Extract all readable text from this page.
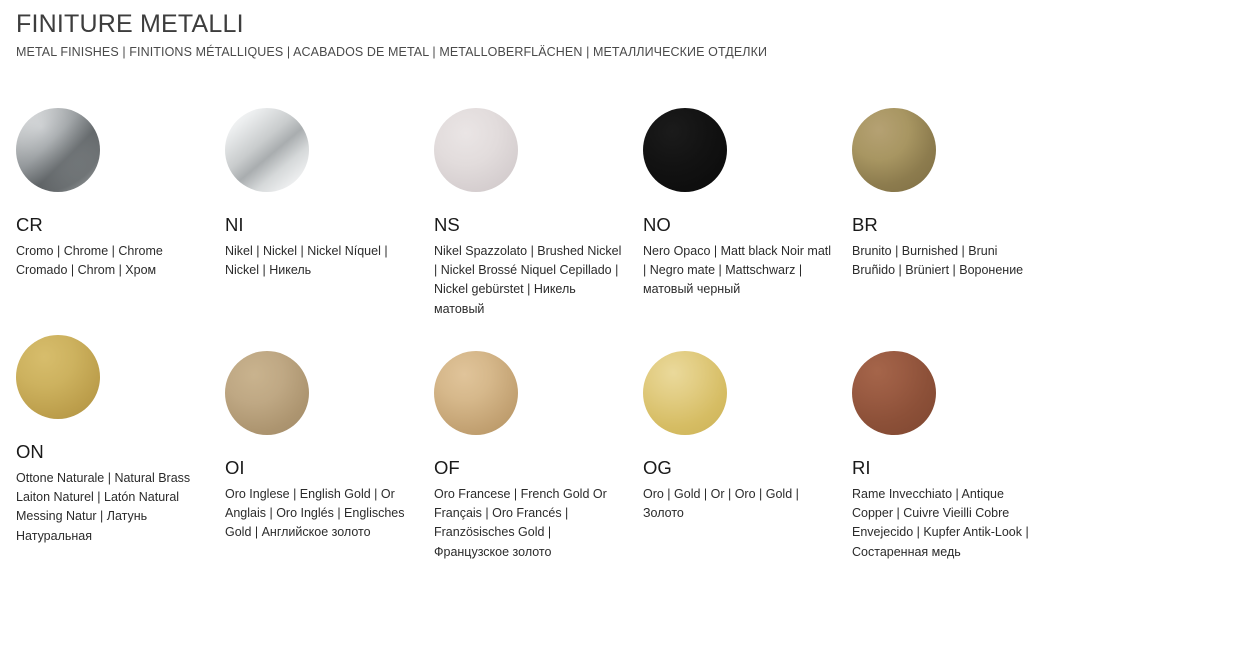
FINITURE METALLI
METAL FINISHES | FINITIONS MÉTALLIQUES | ACABADOS DE METAL | METALLOBERFLÄCHEN | МЕТАЛЛИЧЕСКИЕ ОТДЕЛКИ
CR
Cromo | Chrome | Chrome Cromado | Chrom | Хром
NI
Nikel | Nickel | Nickel Níquel | Nickel | Никель
NS
Nikel Spazzolato | Brushed Nickel | Nickel Brossé Niquel Cepillado | Nickel gebürstet | Никель матовый
NO
Nero Opaco | Matt black Noir matl | Negro mate | Mattschwarz | матовый черный
BR
Brunito | Burnished | Bruni Bruñido | Brüniert | Воронение
ON
Ottone Naturale | Natural Brass Laiton Naturel | Latón Natural Messing Natur | Латунь Натуральная
OI
Oro Inglese | English Gold | Or Anglais | Oro Inglés | Englisches Gold | Английское золото
OF
Oro Francese | French Gold Or Français | Oro Francés | Französisches Gold | Французское золото
OG
Oro | Gold | Or | Oro | Gold | Золото
RI
Rame Invecchiato | Antique Copper | Cuivre Vieilli Cobre Envejecido | Kupfer Antik-Look | Состаренная медь
